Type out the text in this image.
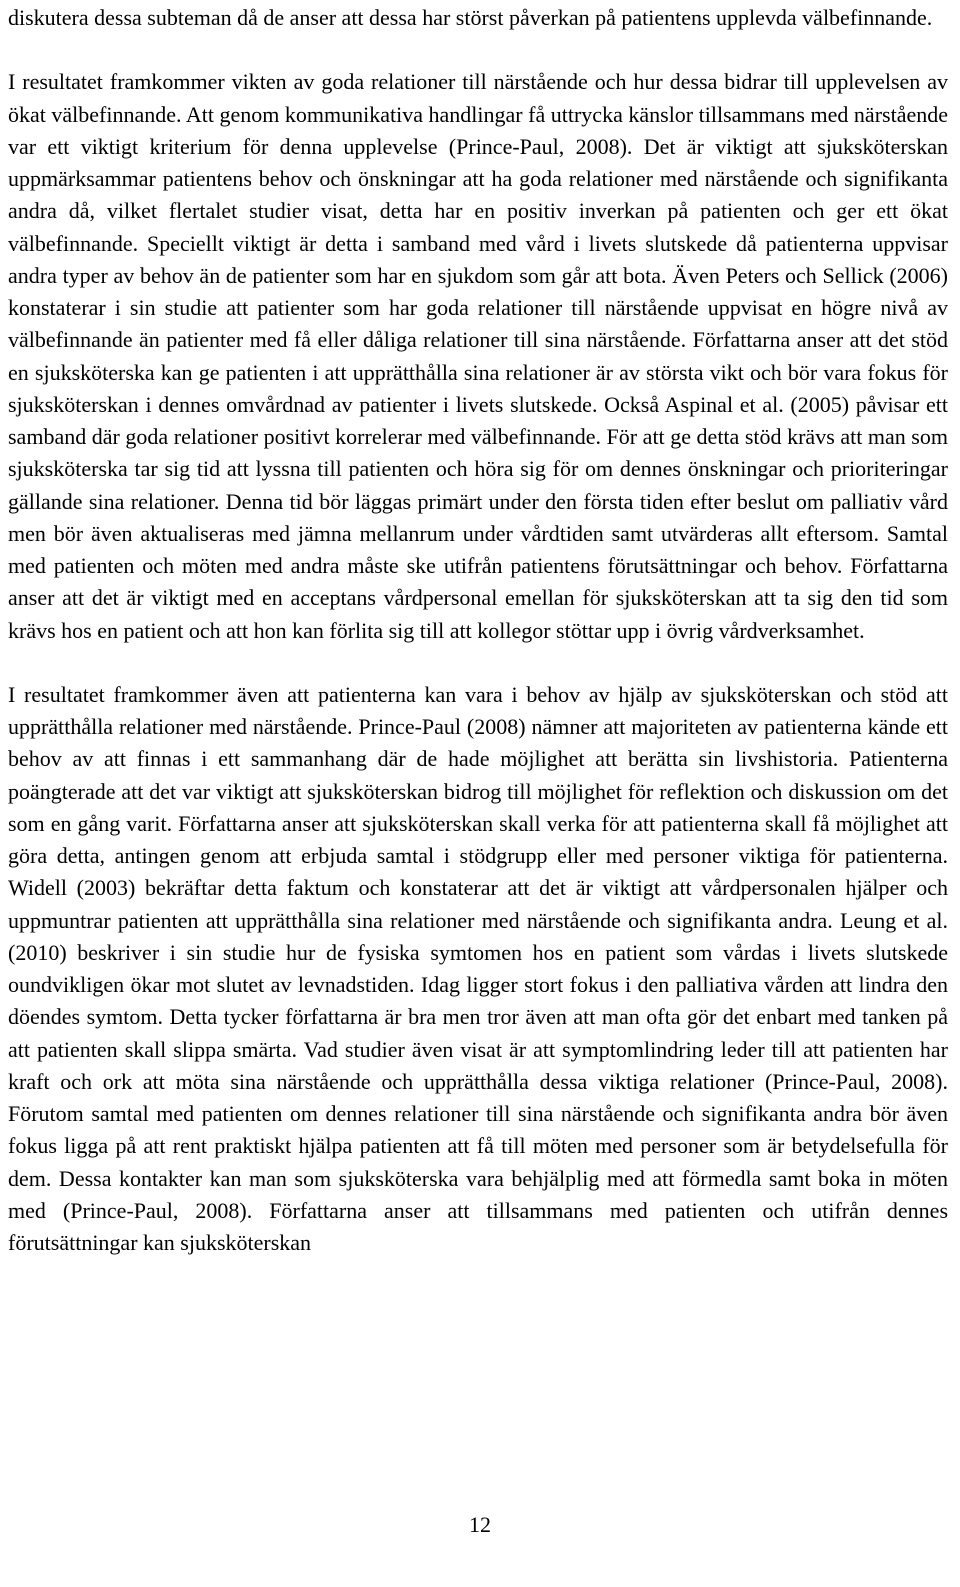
diskutera dessa subteman då de anser att dessa har störst påverkan på patientens upplevda välbefinnande.

I resultatet framkommer vikten av goda relationer till närstående och hur dessa bidrar till upplevelsen av ökat välbefinnande. Att genom kommunikativa handlingar få uttrycka känslor tillsammans med närstående var ett viktigt kriterium för denna upplevelse (Prince-Paul, 2008). Det är viktigt att sjuksköterskan uppmärksammar patientens behov och önskningar att ha goda relationer med närstående och signifikanta andra då, vilket flertalet studier visat, detta har en positiv inverkan på patienten och ger ett ökat välbefinnande. Speciellt viktigt är detta i samband med vård i livets slutskede då patienterna uppvisar andra typer av behov än de patienter som har en sjukdom som går att bota. Även Peters och Sellick (2006) konstaterar i sin studie att patienter som har goda relationer till närstående uppvisat en högre nivå av välbefinnande än patienter med få eller dåliga relationer till sina närstående. Författarna anser att det stöd en sjuksköterska kan ge patienten i att upprätthålla sina relationer är av största vikt och bör vara fokus för sjuksköterskan i dennes omvårdnad av patienter i livets slutskede. Också Aspinal et al. (2005) påvisar ett samband där goda relationer positivt korrelerar med välbefinnande. För att ge detta stöd krävs att man som sjuksköterska tar sig tid att lyssna till patienten och höra sig för om dennes önskningar och prioriteringar gällande sina relationer. Denna tid bör läggas primärt under den första tiden efter beslut om palliativ vård men bör även aktualiseras med jämna mellanrum under vårdtiden samt utvärderas allt eftersom. Samtal med patienten och möten med andra måste ske utifrån patientens förutsättningar och behov. Författarna anser att det är viktigt med en acceptans vårdpersonal emellan för sjuksköterskan att ta sig den tid som krävs hos en patient och att hon kan förlita sig till att kollegor stöttar upp i övrig vårdverksamhet.

I resultatet framkommer även att patienterna kan vara i behov av hjälp av sjuksköterskan och stöd att upprätthålla relationer med närstående. Prince-Paul (2008) nämner att majoriteten av patienterna kände ett behov av att finnas i ett sammanhang där de hade möjlighet att berätta sin livshistoria. Patienterna poängterade att det var viktigt att sjuksköterskan bidrog till möjlighet för reflektion och diskussion om det som en gång varit. Författarna anser att sjuksköterskan skall verka för att patienterna skall få möjlighet att göra detta, antingen genom att erbjuda samtal i stödgrupp eller med personer viktiga för patienterna. Widell (2003) bekräftar detta faktum och konstaterar att det är viktigt att vårdpersonalen hjälper och uppmuntrar patienten att upprätthålla sina relationer med närstående och signifikanta andra. Leung et al. (2010) beskriver i sin studie hur de fysiska symtomen hos en patient som vårdas i livets slutskede oundvikligen ökar mot slutet av levnadstiden. Idag ligger stort fokus i den palliativa vården att lindra den döendes symtom. Detta tycker författarna är bra men tror även att man ofta gör det enbart med tanken på att patienten skall slippa smärta. Vad studier även visat är att symptomlindring leder till att patienten har kraft och ork att möta sina närstående och upprätthålla dessa viktiga relationer (Prince-Paul, 2008). Förutom samtal med patienten om dennes relationer till sina närstående och signifikanta andra bör även fokus ligga på att rent praktiskt hjälpa patienten att få till möten med personer som är betydelsefulla för dem. Dessa kontakter kan man som sjuksköterska vara behjälplig med att förmedla samt boka in möten med (Prince-Paul, 2008). Författarna anser att tillsammans med patienten och utifrån dennes förutsättningar kan sjuksköterskan

12
